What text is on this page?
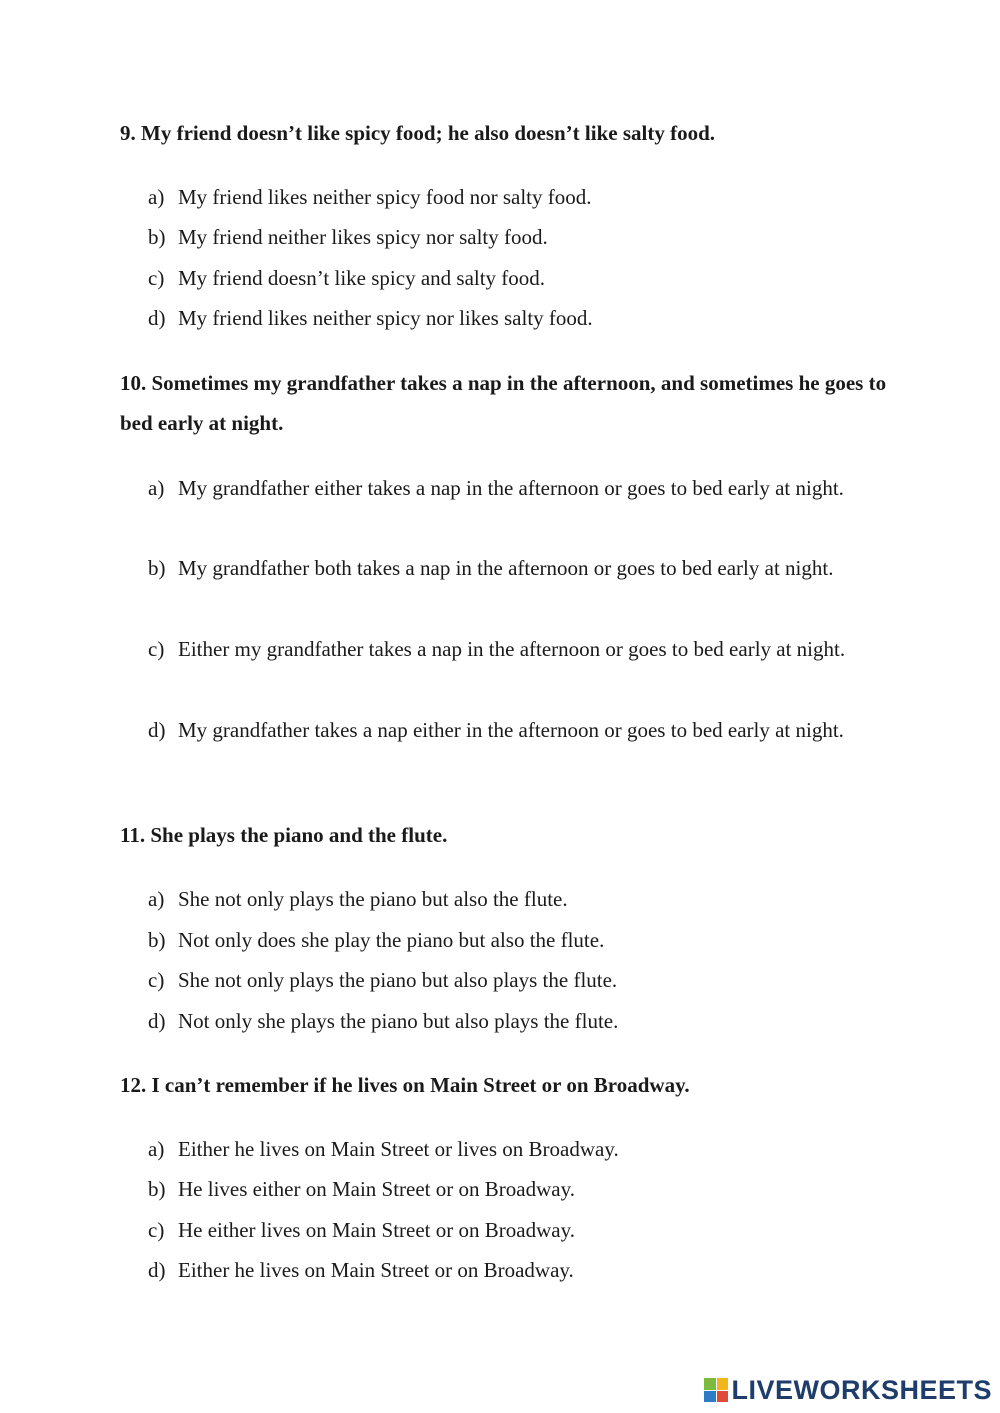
9. My friend doesn’t like spicy food; he also doesn’t like salty food.

a) My friend likes neither spicy food nor salty food.
b) My friend neither likes spicy nor salty food.
c) My friend doesn’t like spicy and salty food.
d) My friend likes neither spicy nor likes salty food.

10. Sometimes my grandfather takes a nap in the afternoon, and sometimes he goes to bed early at night.

a) My grandfather either takes a nap in the afternoon or goes to bed early at night.
b) My grandfather both takes a nap in the afternoon or goes to bed early at night.
c) Either my grandfather takes a nap in the afternoon or goes to bed early at night.
d) My grandfather takes a nap either in the afternoon or goes to bed early at night.

11. She plays the piano and the flute.

a) She not only plays the piano but also the flute.
b) Not only does she play the piano but also the flute.
c) She not only plays the piano but also plays the flute.
d) Not only she plays the piano but also plays the flute.

12. I can’t remember if he lives on Main Street or on Broadway.

a) Either he lives on Main Street or lives on Broadway.
b) He lives either on Main Street or on Broadway.
c) He either lives on Main Street or on Broadway.
d) Either he lives on Main Street or on Broadway.
LIVEWORKSHEETS
